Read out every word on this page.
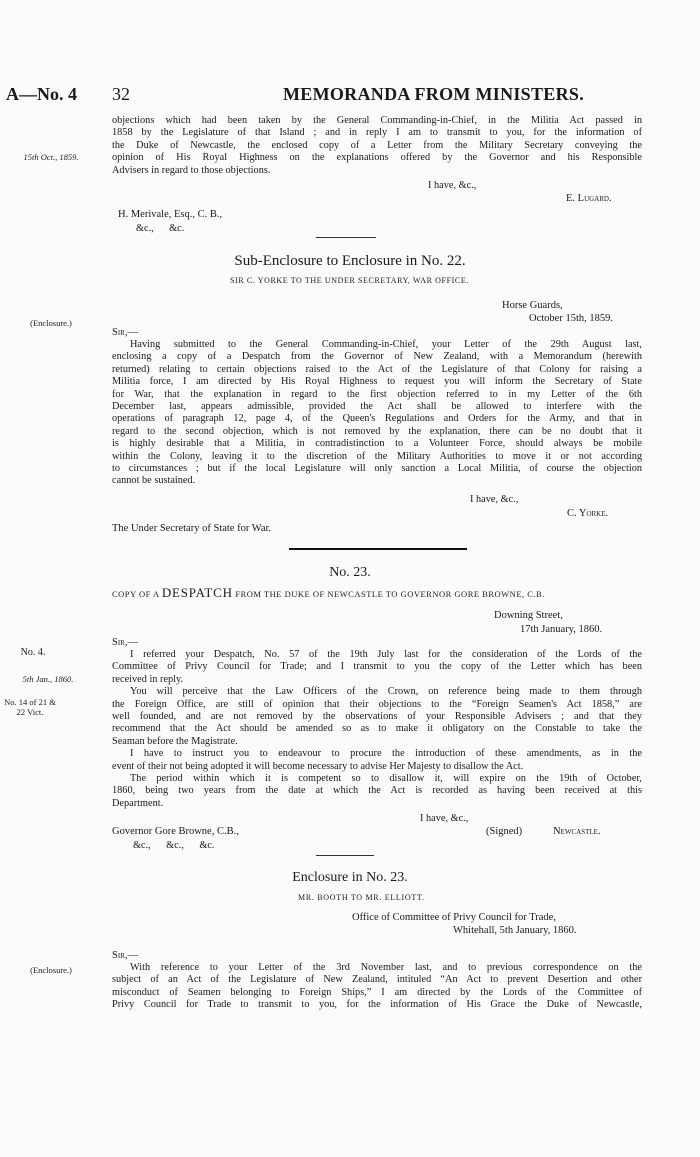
A—No. 4 32	MEMORANDA FROM MINISTERS.
15th Oct., 1859.
(Enclosure.)
No. 4.
5th Jan., 1860.
No. 14 of 21 & 22 Vict.
(Enclosure.)
objections which had been taken by the General Commanding-in-Chief, in the Militia Act passed in
1858 by the Legislature of that Island ; and in reply I am to transmit to you, for the information of
the Duke of Newcastle, the enclosed copy of a Letter from the Military Secretary conveying the
opinion of His Royal Highness on the explanations offered by the Governor and his Responsible
Advisers in regard to those objections.
I have, &c.,
E. Lugard.
H. Merivale, Esq., C. B.,
&c.,      &c.
Sub-Enclosure to Enclosure in No. 22.
SIR C. YORKE TO THE UNDER SECRETARY, WAR OFFICE.
Horse Guards,
October 15th, 1859.
Sir,—
Having submitted to the General Commanding-in-Chief, your Letter of the 29th August last,
enclosing a copy of a Despatch from the Governor of New Zealand, with a Memorandum (herewith
returned) relating to certain objections raised to the Act of the Legislature of that Colony for raising a
Militia force, I am directed by His Royal Highness to request you will inform the Secretary of State
for War, that the explanation in regard to the first objection referred to in my Letter of the 6th
December last, appears admissible, provided the Act shall be allowed to interfere with the
operations of paragraph 12, page 4, of the Queen's Regulations and Orders for the Army, and that in
regard to the second objection, which is not removed by the explanation, there can be no doubt that it
is highly desirable that a Militia, in contradistinction to a Volunteer Force, should always be mobile
within the Colony, leaving it to the discretion of the Military Authorities to move it or not according
to circumstances ; but if the local Legislature will only sanction a Local Militia, of course the objection
cannot be sustained.
I have, &c.,
C. Yorke.
The Under Secretary of State for War.
No. 23.
COPY OF A DESPATCH FROM THE DUKE OF NEWCASTLE TO GOVERNOR GORE BROWNE, C.B.
Downing Street,
17th January, 1860.
Sir,—
I referred your Despatch, No. 57 of the 19th July last for the consideration of the Lords of the
Committee of Privy Council for Trade; and I transmit to you the copy of the Letter which has been
received in reply.
You will perceive that the Law Officers of the Crown, on reference being made to them through
the Foreign Office, are still of opinion that their objections to the “Foreign Seamen's Act 1858,” are
well founded, and are not removed by the observations of your Responsible Advisers ; and that they
recommend that the Act should be amended so as to make it obligatory on the Constable to take the
Seaman before the Magistrate.
I have to instruct you to endeavour to procure the introduction of these amendments, as in the
event of their not being adopted it will become necessary to advise Her Majesty to disallow the Act.
The period within which it is competent so to disallow it, will expire on the 19th of October,
1860, being two years from the date at which the Act is recorded as having been received at this
Department.
I have, &c.,
Governor Gore Browne, C.B.,	(Signed)	Newcastle.
&c.,      &c.,      &c.
Enclosure in No. 23.
MR. BOOTH TO MR. ELLIOTT.
Office of Committee of Privy Council for Trade,
Whitehall, 5th January, 1860.
Sir,—
With reference to your Letter of the 3rd November last, and to previous correspondence on the
subject of an Act of the Legislature of New Zealand, intituled “An Act to prevent Desertion and other
misconduct of Seamen belonging to Foreign Ships,” I am directed by the Lords of the Committee of
Privy Council for Trade to transmit to you, for the information of His Grace the Duke of Newcastle,
